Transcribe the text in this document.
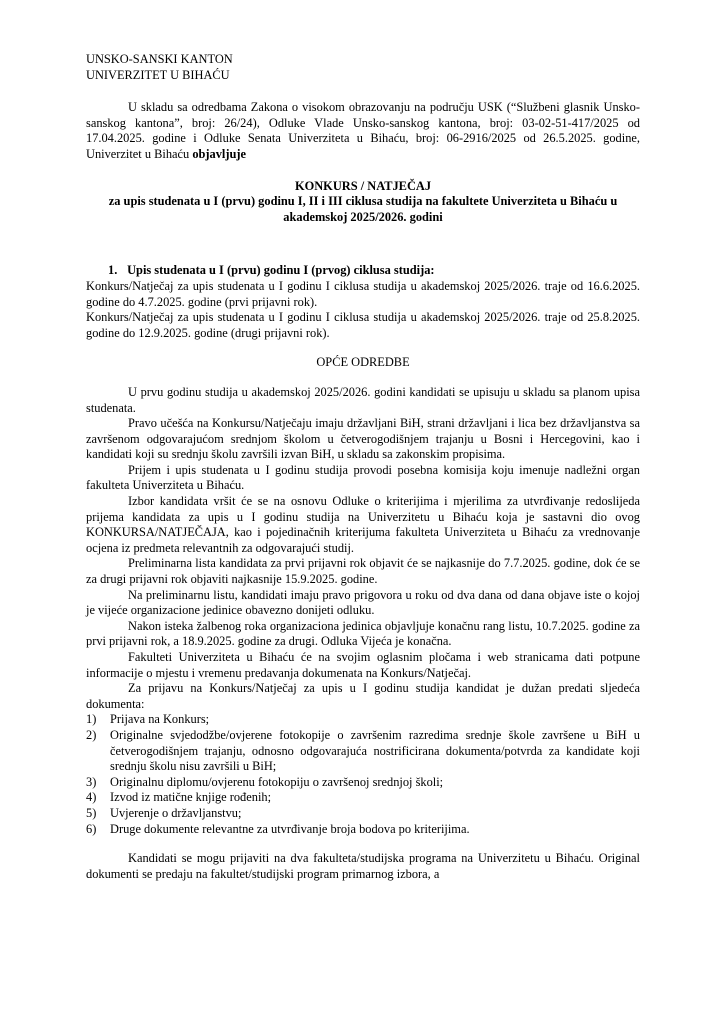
UNSKO-SANSKI KANTON

UNIVERZITET U BIHAĆU

U skladu sa odredbama Zakona o visokom obrazovanju na području USK (“Službeni glasnik Unsko-sanskog kantona”, broj: 26/24), Odluke Vlade Unsko-sanskog kantona, broj: 03-02-51-417/2025 od 17.04.2025. godine i Odluke Senata Univerziteta u Bihaću, broj: 06-2916/2025 od 26.5.2025. godine, Univerzitet u Bihaću objavljuje

KONKURS / NATJEČAJ

za upis studenata u I (prvu) godinu I, II i III ciklusa studija na fakultete Univerziteta u Bihaću u akademskoj 2025/2026. godini

1. Upis studenata u I (prvu) godinu I (prvog) ciklusa studija:

Konkurs/Natječaj za upis studenata u I godinu I ciklusa studija u akademskoj 2025/2026. traje od 16.6.2025. godine do 4.7.2025. godine (prvi prijavni rok).

Konkurs/Natječaj za upis studenata u I godinu I ciklusa studija u akademskoj 2025/2026. traje od 25.8.2025. godine do 12.9.2025. godine (drugi prijavni rok).

OPĆE ODREDBE

U prvu godinu studija u akademskoj 2025/2026. godini kandidati se upisuju u skladu sa planom upisa studenata.

Pravo učešća na Konkursu/Natječaju imaju državljani BiH, strani državljani i lica bez državljanstva sa završenom odgovarajućom srednjom školom u četverogodišnjem trajanju u Bosni i Hercegovini, kao i kandidati koji su srednju školu završili izvan BiH, u skladu sa zakonskim propisima.

Prijem i upis studenata u I godinu studija provodi posebna komisija koju imenuje nadležni organ fakulteta Univerziteta u Bihaću.

Izbor kandidata vršit će se na osnovu Odluke o kriterijima i mjerilima za utvrđivanje redoslijeda prijema kandidata za upis u I godinu studija na Univerzitetu u Bihaću koja je sastavni dio ovog KONKURSA/NATJEČAJA, kao i pojedinačnih kriterijuma fakulteta Univerziteta u Bihaću za vrednovanje ocjena iz predmeta relevantnih za odgovarajući studij.

Preliminarna lista kandidata za prvi prijavni rok objavit će se najkasnije do 7.7.2025. godine, dok će se za drugi prijavni rok objaviti najkasnije 15.9.2025. godine.

Na preliminarnu listu, kandidati imaju pravo prigovora u roku od dva dana od dana objave iste o kojoj je vijeće organizacione jedinice obavezno donijeti odluku.

Nakon isteka žalbenog roka organizaciona jedinica objavljuje konačnu rang listu, 10.7.2025. godine za prvi prijavni rok, a 18.9.2025. godine za drugi. Odluka Vijeća je konačna.

Fakulteti Univerziteta u Bihaću će na svojim oglasnim pločama i web stranicama dati potpune informacije o mjestu i vremenu predavanja dokumenata na Konkurs/Natječaj.

Za prijavu na Konkurs/Natječaj za upis u I godinu studija kandidat je dužan predati sljedeća dokumenta:

1)	Prijava na Konkurs;
2)	Originalne svjedodžbe/ovjerene fotokopije o završenim razredima srednje škole završene u BiH u četverogodišnjem trajanju, odnosno odgovarajuća nostrificirana dokumenta/potvrda za kandidate koji srednju školu nisu završili u BiH;
3)	Originalnu diplomu/ovjerenu fotokopiju o završenoj srednjoj školi;
4)	Izvod iz matične knjige rođenih;
5)	Uvjerenje o državljanstvu;
6)	Druge dokumente relevantne za utvrđivanje broja bodova po kriterijima.

Kandidati se mogu prijaviti na dva fakulteta/studijska programa na Univerzitetu u Bihaću. Original dokumenti se predaju na fakultet/studijski program primarnog izbora, a
